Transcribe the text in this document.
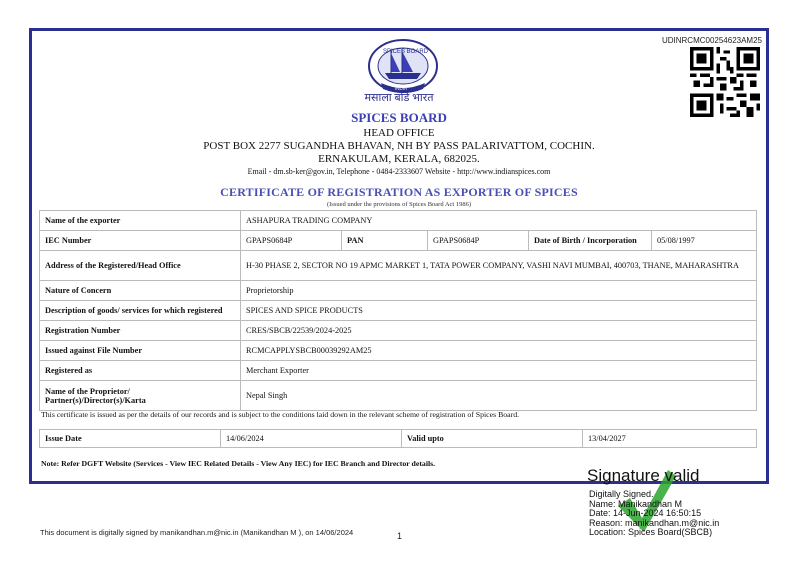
UDINRCMC00254623AM25
SPICES BOARD
INDIA
मसाला बोर्ड भारत
SPICES BOARD
HEAD OFFICE
POST BOX 2277 SUGANDHA BHAVAN, NH BY PASS PALARIVATTOM, COCHIN.
ERNAKULAM, KERALA, 682025.
Email - dm.sb-ker@gov.in, Telephone - 0484-2333607 Website - http://www.indianspices.com
CERTIFICATE OF REGISTRATION AS EXPORTER OF SPICES
(Issued under the provisions of Spices Board Act 1986)
Name of the exporter	ASHAPURA TRADING COMPANY				
IEC Number	GPAPS0684P	PAN	GPAPS0684P	Date of Birth / Incorporation	05/08/1997
Address of the Registered/Head Office	H-30 PHASE 2, SECTOR NO 19 APMC MARKET 1, TATA POWER COMPANY, VASHI NAVI MUMBAI, 400703, THANE, MAHARASHTRA				
Nature of Concern	Proprietorship				
Description of goods/ services for which registered	SPICES AND SPICE PRODUCTS				
Registration Number	CRES/SBCB/22539/2024-2025				
Issued against File Number	RCMCAPPLYSBCB00039292AM25				
Registered as	Merchant Exporter				
Name of the Proprietor/
Partner(s)/Director(s)/Karta	Nepal Singh				
This certificate is issued as per the details of our records and is subject to the conditions laid down in the relevant scheme of registration of Spices Board.
Issue Date	14/06/2024	Valid upto	13/04/2027
Note: Refer DGFT Website (Services - View IEC Related Details - View Any IEC) for IEC Branch and Director details.
Signature valid
Digitally Signed.
Name: Manikandhan M
Date: 14-Jun-2024 16:50:15
Reason: manikandhan.m@nic.in
Location: Spices Board(SBCB)
This document is digitally signed by manikandhan.m@nic.in (Manikandhan M ), on 14/06/2024	1
